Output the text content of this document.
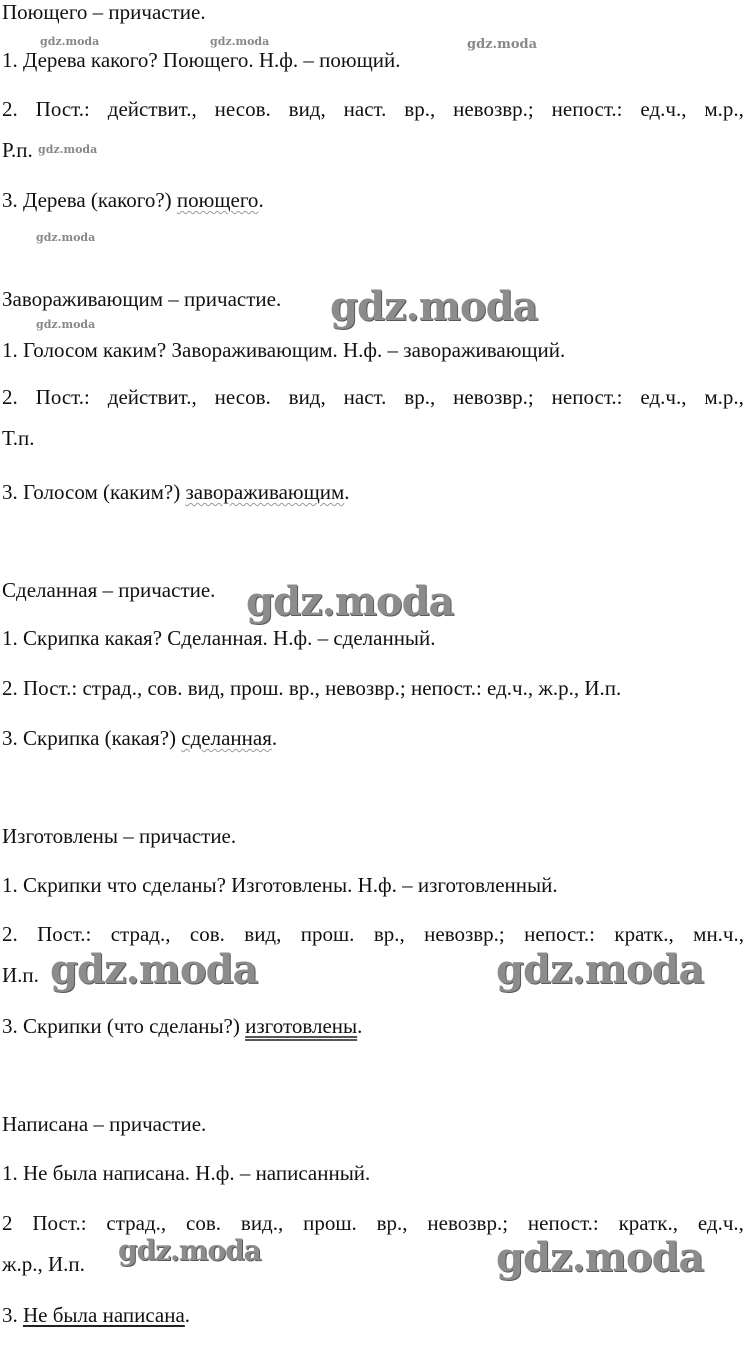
Поющего – причастие.
1. Дерева какого? Поющего. Н.ф. – поющий.
2. Пост.: действит., несов. вид, наст. вр., невозвр.; непост.: ед.ч., м.р.,
Р.п.
3. Дерева (какого?) поющего.
Завораживающим – причастие.
1. Голосом каким? Завораживающим. Н.ф. – завораживающий.
2. Пост.: действит., несов. вид, наст. вр., невозвр.; непост.: ед.ч., м.р.,
Т.п.
3. Голосом (каким?) завораживающим.
Сделанная – причастие.
1. Скрипка какая? Сделанная. Н.ф. – сделанный.
2. Пост.: страд., сов. вид, прош. вр., невозвр.; непост.: ед.ч., ж.р., И.п.
3. Скрипка (какая?) сделанная.
Изготовлены – причастие.
1. Скрипки что сделаны? Изготовлены. Н.ф. – изготовленный.
2. Пост.: страд., сов. вид, прош. вр., невозвр.; непост.: кратк., мн.ч.,
И.п.
3. Скрипки (что сделаны?) изготовлены.
Написана – причастие.
1. Не была написана. Н.ф. – написанный.
2 Пост.: страд., сов. вид., прош. вр., невозвр.; непост.: кратк., ед.ч.,
ж.р., И.п.
3. Не была написана.
gdz.moda	gdz.moda	gdz.moda
gdz.moda
gdz.moda
gdz.moda	gdz.moda
gdz.moda
gdz.moda	gdz.moda
gdz.moda	gdz.moda
